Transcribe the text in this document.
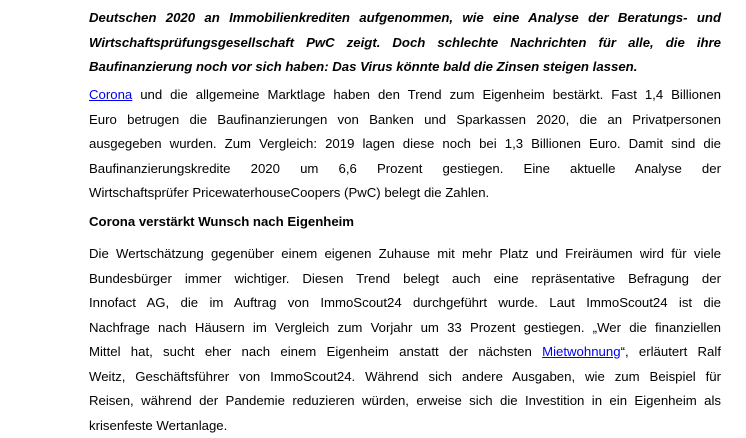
Deutschen 2020 an Immobilienkrediten aufgenommen, wie eine Analyse der Beratungs- und
Wirtschaftsprüfungsgesellschaft PwC zeigt. Doch schlechte Nachrichten für alle, die ihre
Baufinanzierung noch vor sich haben: Das Virus könnte bald die Zinsen steigen lassen.
Corona und die allgemeine Marktlage haben den Trend zum Eigenheim bestärkt. Fast 1,4 Billionen
Euro betrugen die Baufinanzierungen von Banken und Sparkassen 2020, die an Privatpersonen
ausgegeben wurden. Zum Vergleich: 2019 lagen diese noch bei 1,3 Billionen Euro. Damit sind die
Baufinanzierungskredite 2020 um 6,6 Prozent gestiegen. Eine aktuelle Analyse der
Wirtschaftsprüfer PricewaterhouseCoopers (PwC) belegt die Zahlen.
Corona verstärkt Wunsch nach Eigenheim
Die Wertschätzung gegenüber einem eigenen Zuhause mit mehr Platz und Freiräumen wird für viele
Bundesbürger immer wichtiger. Diesen Trend belegt auch eine repräsentative Befragung der
Innofact AG, die im Auftrag von ImmoScout24 durchgeführt wurde. Laut ImmoScout24 ist die
Nachfrage nach Häusern im Vergleich zum Vorjahr um 33 Prozent gestiegen. „Wer die finanziellen
Mittel hat, sucht eher nach einem Eigenheim anstatt der nächsten Mietwohnung“, erläutert Ralf
Weitz, Geschäftsführer von ImmoScout24. Während sich andere Ausgaben, wie zum Beispiel für
Reisen, während der Pandemie reduzieren würden, erweise sich die Investition in ein Eigenheim als
krisenfeste Wertanlage.
